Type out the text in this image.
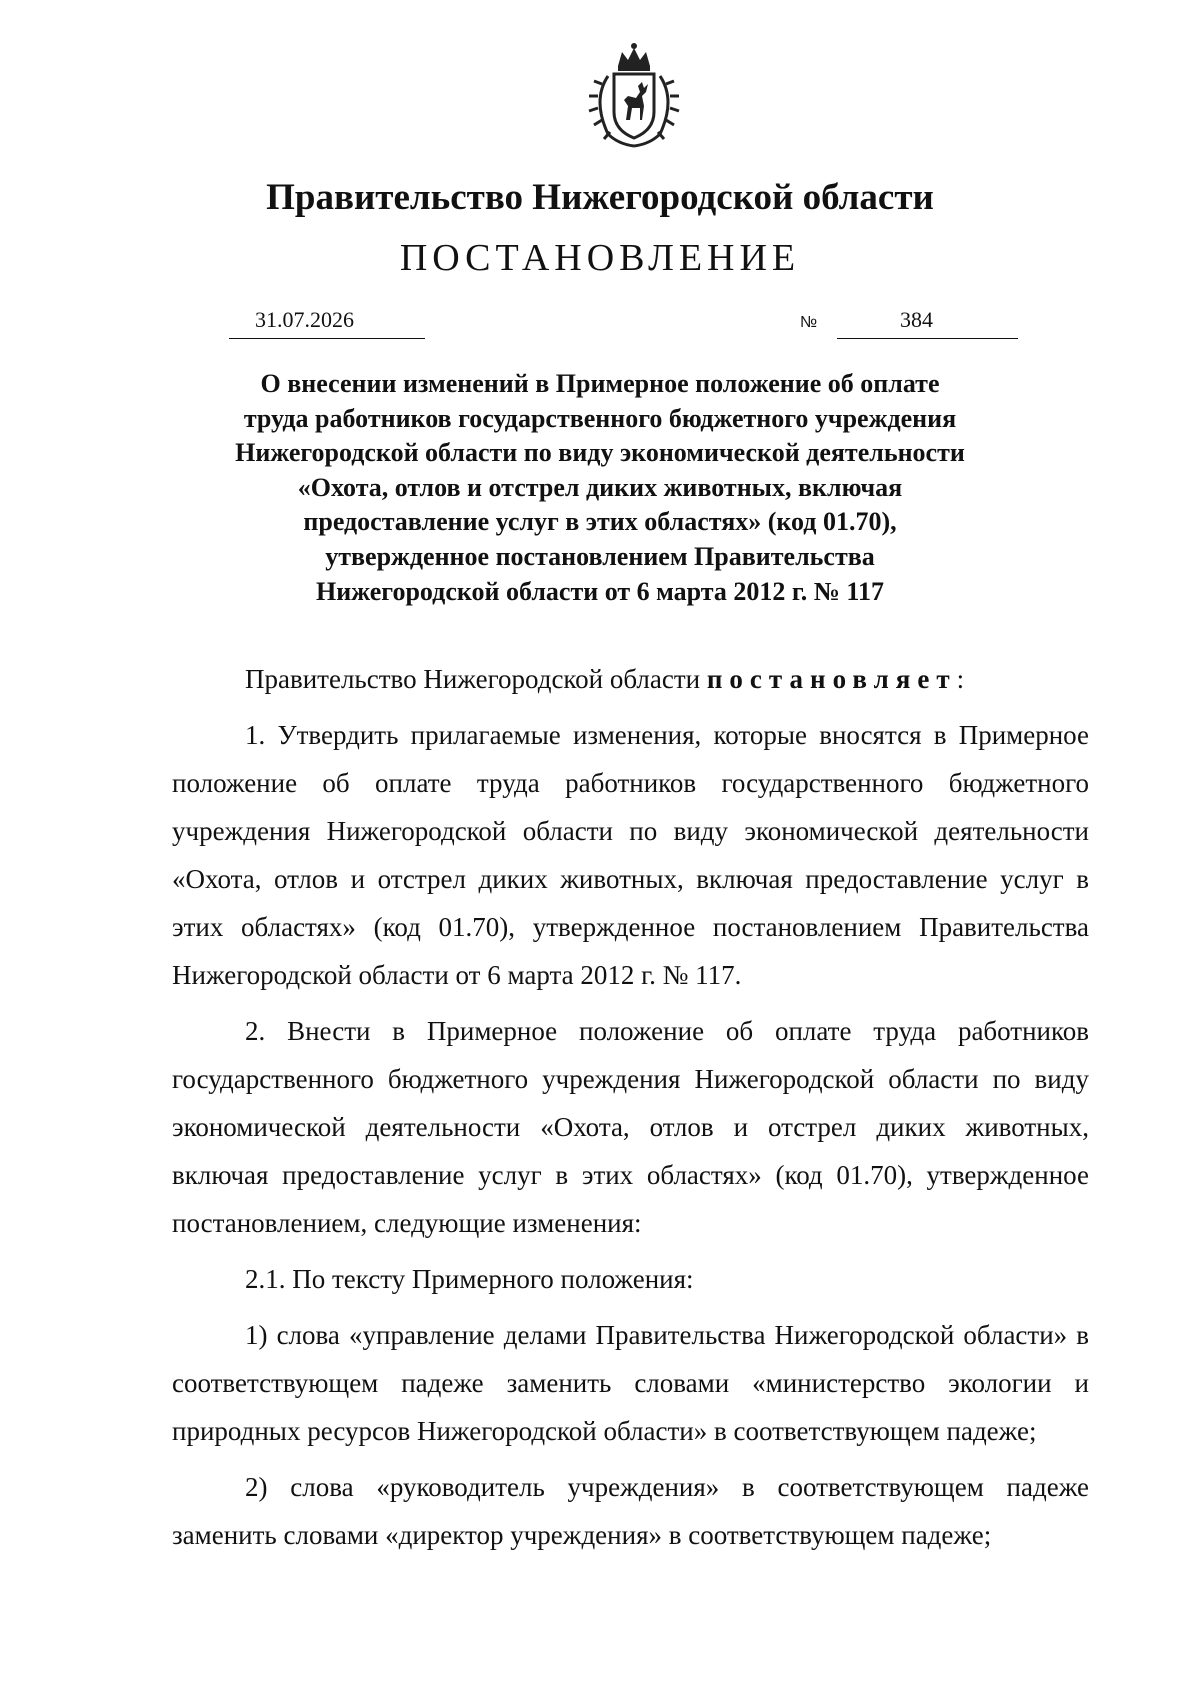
Правительство Нижегородской области
ПОСТАНОВЛЕНИЕ
31.07.2026	№	384
О внесении изменений в Примерное положение об оплате
труда работников государственного бюджетного учреждения
Нижегородской области по виду экономической деятельности
«Охота, отлов и отстрел диких животных, включая
предоставление услуг в этих областях» (код 01.70),
утвержденное постановлением Правительства
Нижегородской области от 6 марта 2012 г. № 117

Правительство Нижегородской области постановляет:

1. Утвердить прилагаемые изменения, которые вносятся в Примерное положение об оплате труда работников государственного бюджетного учреждения Нижегородской области по виду экономической деятельности «Охота, отлов и отстрел диких животных, включая предоставление услуг в этих областях» (код 01.70), утвержденное постановлением Правительства Нижегородской области от 6 марта 2012 г. № 117.

2. Внести в Примерное положение об оплате труда работников государственного бюджетного учреждения Нижегородской области по виду экономической деятельности «Охота, отлов и отстрел диких животных, включая предоставление услуг в этих областях» (код 01.70), утвержденное постановлением, следующие изменения:

2.1. По тексту Примерного положения:

1) слова «управление делами Правительства Нижегородской области» в соответствующем падеже заменить словами «министерство экологии и природных ресурсов Нижегородской области» в соответствующем падеже;

2) слова «руководитель учреждения» в соответствующем падеже заменить словами «директор учреждения» в соответствующем падеже;
